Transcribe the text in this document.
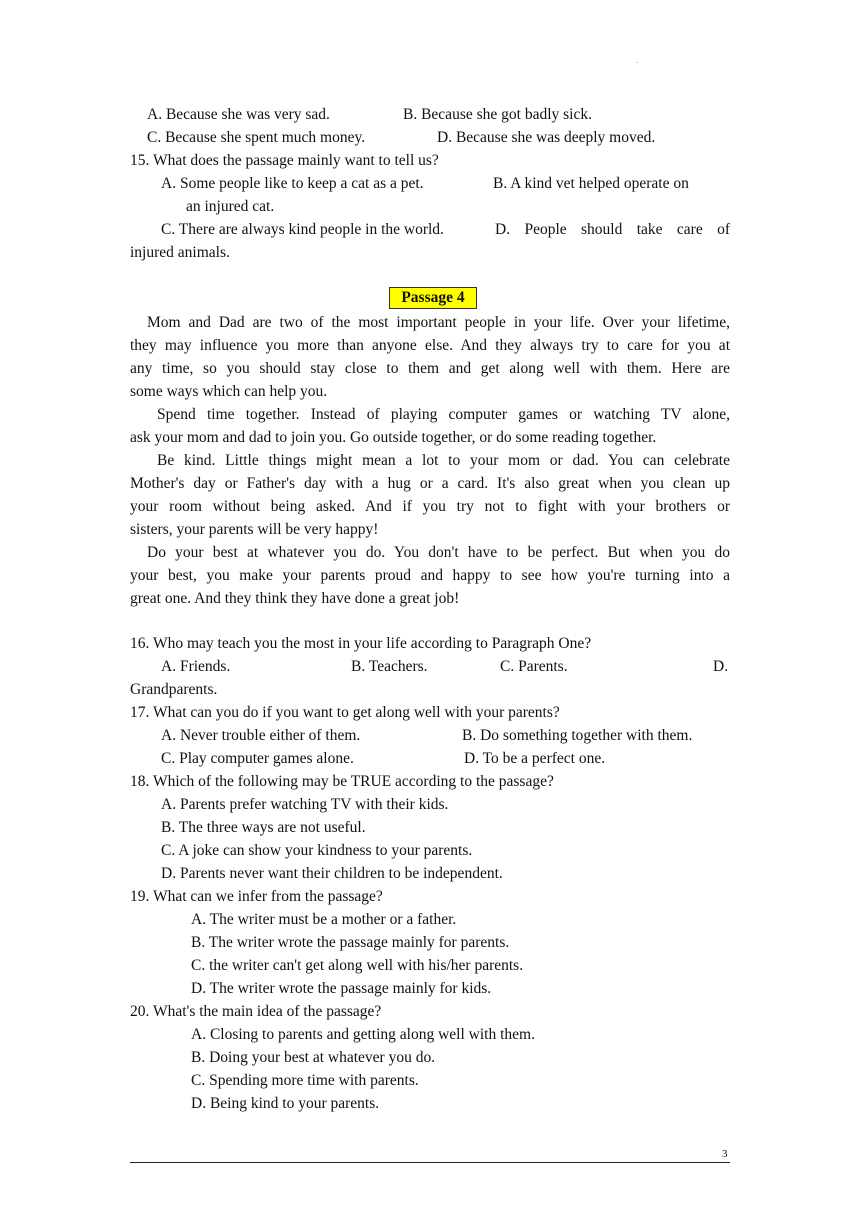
.
A. Because she was very sad.	B. Because she got badly sick.
C. Because she spent much money.	D. Because she was deeply moved.
15. What does the passage mainly want to tell us?
A. Some people like to keep a cat as a pet.	B. A kind vet helped operate on
an injured cat.
C. There are always kind people in the world.	D. People should take care of
injured animals.
Passage 4
Mom and Dad are two of the most important people in your life. Over your lifetime,
they may influence you more than anyone else. And they always try to care for you at
any time, so you should stay close to them and get along well with them. Here are
some ways which can help you.
Spend time together. Instead of playing computer games or watching TV alone,
ask your mom and dad to join you. Go outside together, or do some reading together.
Be kind. Little things might mean a lot to your mom or dad. You can celebrate
Mother's day or Father's day with a hug or a card. It's also great when you clean up
your room without being asked. And if you try not to fight with your brothers or
sisters, your parents will be very happy!
Do your best at whatever you do. You don't have to be perfect. But when you do
your best, you make your parents proud and happy to see how you're turning into a
great one. And they think they have done a great job!
16. Who may teach you the most in your life according to Paragraph One?
A. Friends.	B. Teachers.	C. Parents.	D.
Grandparents.
17. What can you do if you want to get along well with your parents?
A. Never trouble either of them.	B. Do something together with them.
C. Play computer games alone.	D. To be a perfect one.
18. Which of the following may be TRUE according to the passage?
A. Parents prefer watching TV with their kids.
B. The three ways are not useful.
C. A joke can show your kindness to your parents.
D. Parents never want their children to be independent.
19. What can we infer from the passage?
A. The writer must be a mother or a father.
B. The writer wrote the passage mainly for parents.
C. the writer can't get along well with his/her parents.
D. The writer wrote the passage mainly for kids.
20. What's the main idea of the passage?
A. Closing to parents and getting along well with them.
B. Doing your best at whatever you do.
C. Spending more time with parents.
D. Being kind to your parents.
3
